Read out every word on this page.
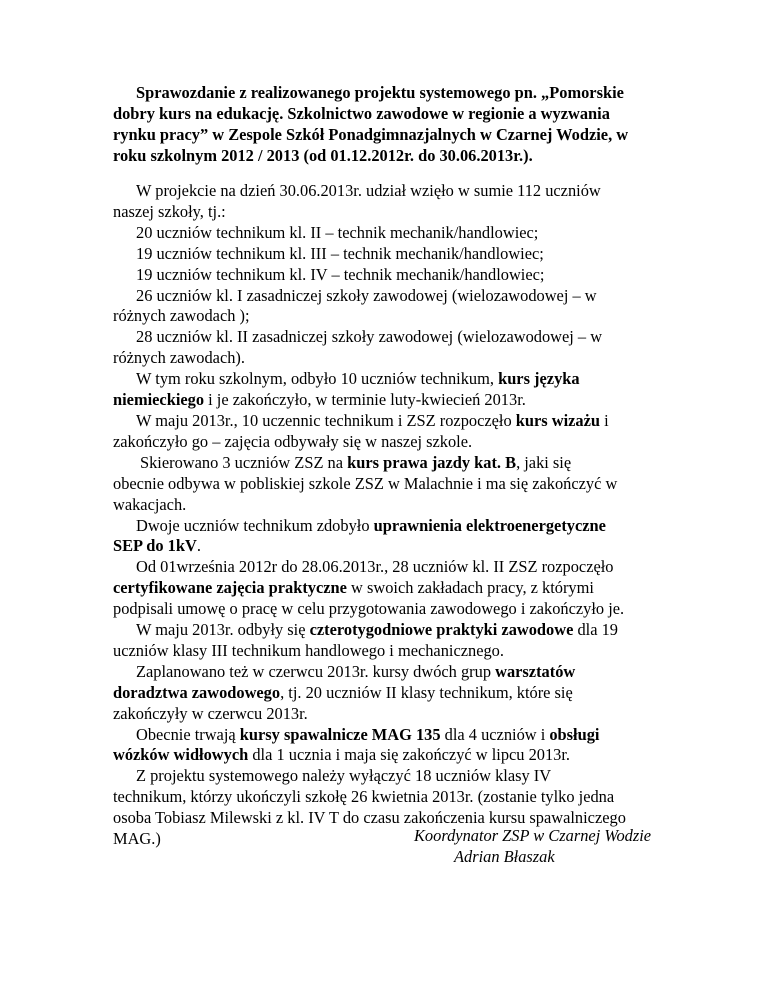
Sprawozdanie z realizowanego projektu systemowego pn. „Pomorskie
dobry kurs na edukację. Szkolnictwo zawodowe w regionie a wyzwania
rynku pracy” w Zespole Szkół Ponadgimnazjalnych w Czarnej Wodzie, w
roku szkolnym 2012 / 2013 (od 01.12.2012r. do 30.06.2013r.).
W projekcie na dzień 30.06.2013r. udział wzięło w sumie 112 uczniów
naszej szkoły, tj.:
20 uczniów technikum kl. II – technik mechanik/handlowiec;
19 uczniów technikum kl. III – technik mechanik/handlowiec;
19 uczniów technikum kl. IV – technik mechanik/handlowiec;
26 uczniów kl. I zasadniczej szkoły zawodowej (wielozawodowej – w
różnych zawodach );
28 uczniów kl. II zasadniczej szkoły zawodowej (wielozawodowej – w
różnych zawodach).
W tym roku szkolnym, odbyło 10 uczniów technikum, kurs języka
niemieckiego i je zakończyło, w terminie luty-kwiecień 2013r.
W maju 2013r., 10 uczennic technikum i ZSZ rozpoczęło kurs wizażu i
zakończyło go – zajęcia odbywały się w naszej szkole.
Skierowano 3 uczniów ZSZ na kurs prawa jazdy kat. B, jaki się
obecnie odbywa w pobliskiej szkole ZSZ w Malachnie i ma się zakończyć w
wakacjach.
Dwoje uczniów technikum zdobyło uprawnienia elektroenergetyczne
SEP do 1kV.
Od 01września 2012r do 28.06.2013r., 28 uczniów kl. II ZSZ rozpoczęło
certyfikowane zajęcia praktyczne w swoich zakładach pracy, z którymi
podpisali umowę o pracę w celu przygotowania zawodowego i zakończyło je.
W maju 2013r. odbyły się czterotygodniowe praktyki zawodowe dla 19
uczniów klasy III technikum handlowego i mechanicznego.
Zaplanowano też w czerwcu 2013r. kursy dwóch grup warsztatów
doradztwa zawodowego, tj. 20 uczniów II klasy technikum, które się
zakończyły w czerwcu 2013r.
Obecnie trwają kursy spawalnicze MAG 135 dla 4 uczniów i obsługi
wózków widłowych dla 1 ucznia i maja się zakończyć w lipcu 2013r.
Z projektu systemowego należy wyłączyć 18 uczniów klasy IV
technikum, którzy ukończyli szkołę 26 kwietnia 2013r. (zostanie tylko jedna
osoba Tobiasz Milewski z kl. IV T do czasu zakończenia kursu spawalniczego
MAG.)	Koordynator ZSP w Czarnej Wodzie
Adrian Błaszak
